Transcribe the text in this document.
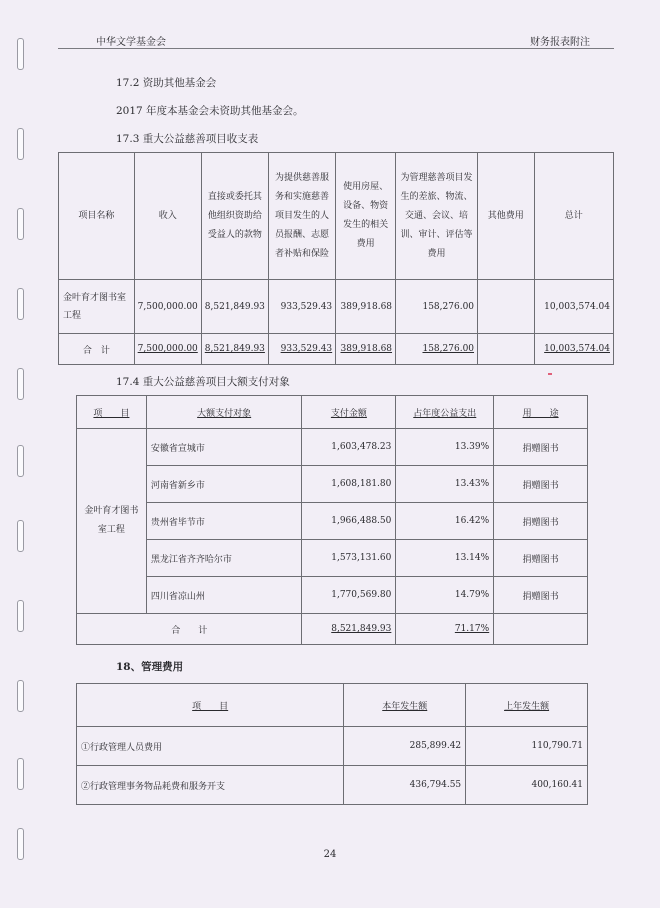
中华文学基金会	财务报表附注
17.2 资助其他基金会
2017 年度本基金会未资助其他基金会。
17.3 重大公益慈善项目收支表
项目名称	收入	直接或委托其他组织资助给受益人的款物	为提供慈善服务和实施慈善项目发生的人员报酬、志愿者补贴和保险	使用房屋、设备、物资发生的相关费用	为管理慈善项目发生的差旅、物流、交通、会议、培训、审计、评估等费用	其他费用	总计
金叶育才图书室工程	7,500,000.00	8,521,849.93	933,529.43	389,918.68	158,276.00		10,003,574.04
合　计	7,500,000.00	8,521,849.93	933,529.43	389,918.68	158,276.00		10,003,574.04
17.4 重大公益慈善项目大额支付对象
项　　目	大额支付对象	支付金额	占年度公益支出	用　　途
金叶育才图书室工程	安徽省宣城市	1,603,478.23	13.39%	捐赠图书
	河南省新乡市	1,608,181.80	13.43%	捐赠图书
	贵州省毕节市	1,966,488.50	16.42%	捐赠图书
	黑龙江省齐齐哈尔市	1,573,131.60	13.14%	捐赠图书
	四川省凉山州	1,770,569.80	14.79%	捐赠图书
合　　计		8,521,849.93	71.17%	
18、管理费用
项　　目	本年发生额	上年发生额
①行政管理人员费用	285,899.42	110,790.71
②行政管理事务物品耗费和服务开支	436,794.55	400,160.41
24
